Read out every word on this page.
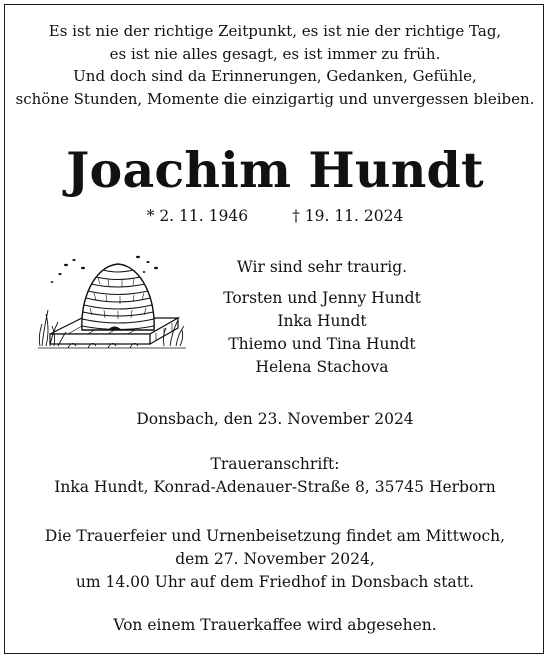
Es ist nie der richtige Zeitpunkt, es ist nie der richtige Tag,
es ist nie alles gesagt, es ist immer zu früh.
Und doch sind da Erinnerungen, Gedanken, Gefühle,
schöne Stunden, Momente die einzigartig und unvergessen bleiben.
Joachim Hundt
* 2. 11. 1946	† 19. 11. 2024
Wir sind sehr traurig.
Torsten und Jenny Hundt
Inka Hundt
Thiemo und Tina Hundt
Helena Stachova
Donsbach, den 23. November 2024
Traueranschrift:
Inka Hundt, Konrad-Adenauer-Straße 8, 35745 Herborn
Die Trauerfeier und Urnenbeisetzung findet am Mittwoch,
dem 27. November 2024,
um 14.00 Uhr auf dem Friedhof in Donsbach statt.
Von einem Trauerkaffee wird abgesehen.
